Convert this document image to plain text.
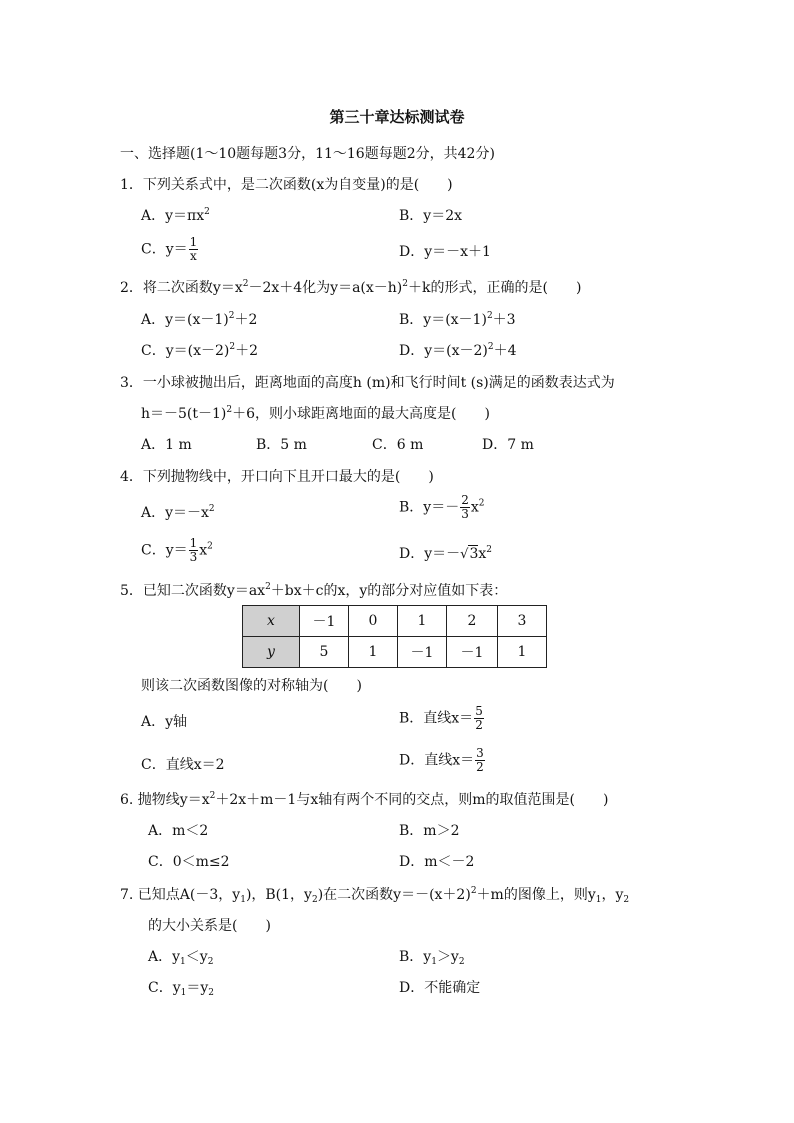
第三十章达标测试卷
一、选择题(1～10题每题3分，11～16题每题2分，共42分)
1．下列关系式中，是二次函数(x为自变量)的是(　　)
A．$y=\pi x^2$	B．y＝2x
C．$y= \frac{1}{x}$	D．y＝－x＋1
2．将二次函数$y=x^2-2x+4$化为$y=a(x-h)^2+k$的形式，正确的是(　　)
A．$y=(x-1)^2+2$	B．$y=(x-1)^2+3$
C．$y=(x-2)^2+2$	D．$y=(x-2)^2+4$
3．一小球被抛出后，距离地面的高度h (m)和飞行时间t (s)满足的函数表达式为
$h=-5(t-1)^2+6$，则小球距离地面的最大高度是(　　)
A．1 m	B．5 m	C．6 m	D．7 m
4．下列抛物线中，开口向下且开口最大的是(　　)
A．$y=-x^2$	B．$y=- \frac{2}{3} x^2$
C．$y= \frac{1}{3} x^2$	D．$y=-√3x^2$
5．已知二次函数$y=ax^2+bx+c$的x，y的部分对应值如下表：
x	－1	0	1	2	3
y	5	1	－1	－1	1
则该二次函数图像的对称轴为(　　)
A．y轴	B．直线$x= \frac{5}{2}$
C．直线x＝2	D．直线$x= \frac{3}{2}$
6. 抛物线$y=x^2+2x+m-1$与x轴有两个不同的交点，则m的取值范围是(　　)
A．m＜2	B．m＞2
C．0＜m≤2	D．m＜－2
7. 已知点A(－3，$y_1$)，B(1，$y_2$)在二次函数$y=-(x+2)^2+m$的图像上，则$y_1$，$y_2$
的大小关系是(　　)
A．$y_1<y_2$	B．$y_1>y_2$
C．$y_1=y_2$	D．不能确定
